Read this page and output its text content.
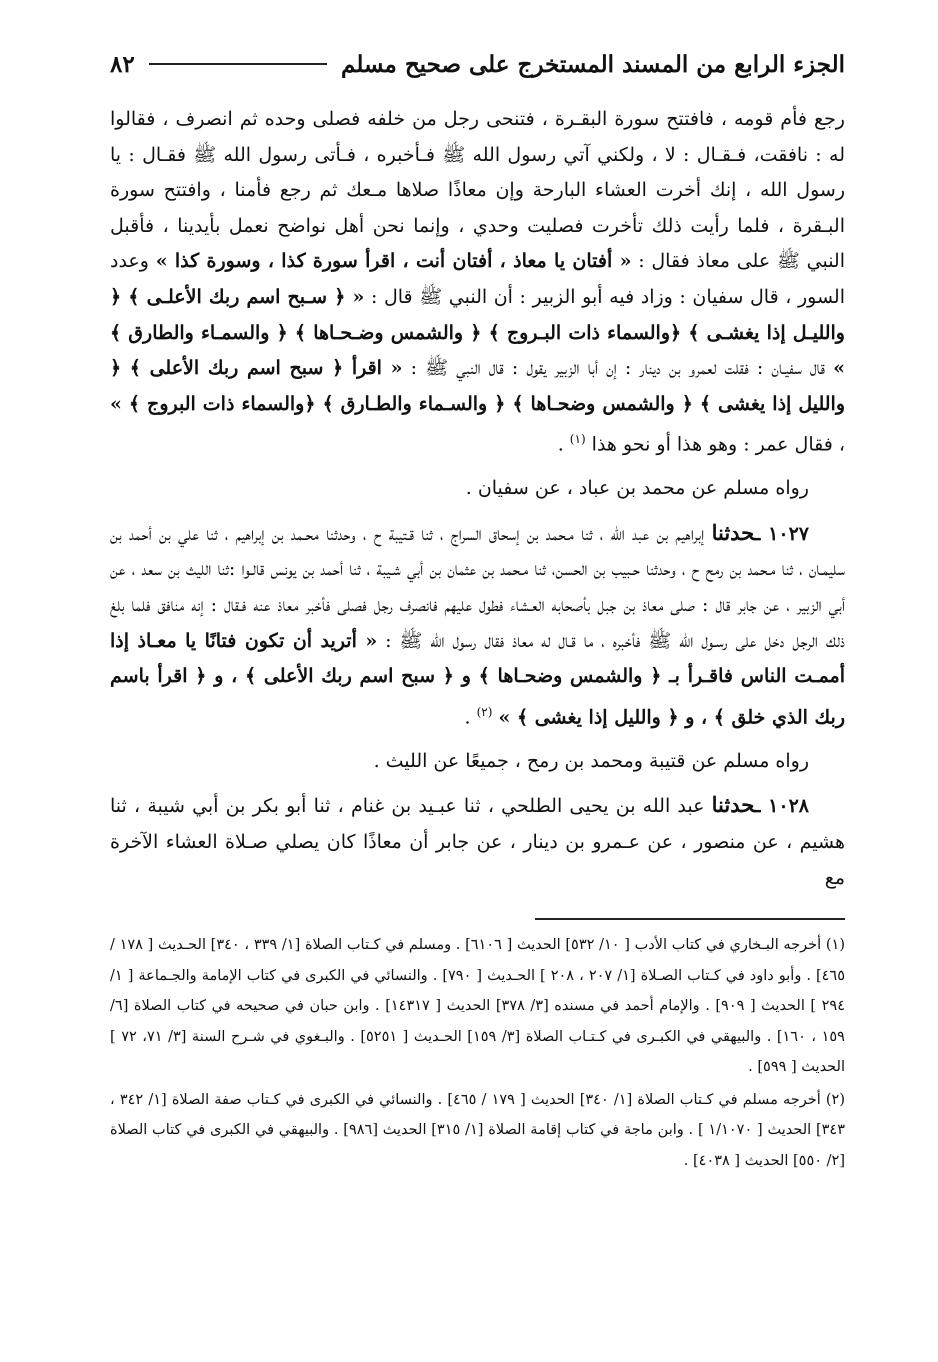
الجزء الرابع من المسند المستخرج على صحيح مسلم
٨٢

رجع فأم قومه ، فافتتح سورة البقـرة ، فتنحى رجل من خلفه فصلى وحده ثم انصرف ، فقالوا له : نافقت، فـقـال : لا ، ولكني آتي رسول الله ﷺ فـأخبره ، فـأتى رسول الله ﷺ فقـال : يا رسول الله ، إنك أخرت العشاء البارحة وإن معاذًا صلاها مـعك ثم رجع فأمنا ، وافتتح سورة البـقرة ، فلما رأيت ذلك تأخرت فصليت وحدي ، وإنما نحن أهل نواضح نعمل بأيدينا ، فأقبل النبي ﷺ على معاذ فقال : « أفتان يا معاذ ، أفتان أنت ، اقرأ سورة كذا ، وسورة كذا » وعدد السور ، قال سفيان : وزاد فيه أبو الزبير : أن النبي ﷺ قال : « ﴿ سـبح اسم ربك الأعلـى ﴾ ﴿ والليـل إذا يغشـى ﴾ ﴿والسماء ذات البـروج ﴾ ﴿ والشمس وضـحـاها ﴾ ﴿ والسمـاء والطارق ﴾ » قال سفيـان : فقلت لعمرو بن دينار : إن أبا الزبير يقول : قال النبي ﷺ : « اقرأ ﴿ سبح اسم ربك الأعلى ﴾ ﴿ والليل إذا يغشى ﴾ ﴿ والشمس وضحـاها ﴾ ﴿ والسـماء والطـارق ﴾ ﴿والسماء ذات البروج ﴾ » ، فقال عمر : وهو هذا أو نحو هذا $^{(١)}$ .

رواه مسلم عن محمد بن عباد ، عن سفيان .

١٠٢٧ ـحدثنا إبراهيم بن عبد الله ، ثنا مـحمد بن إسحاق السراج ، ثنا قـتيبة ح ، وحدثنا محـمد بن إبراهيم ، ثنا علي بن أحمد بن سليمـان ، ثنا مـحمد بن رمح ح ، وحدثنا حـبيب بن الحسن، ثنا مـحمد بن عثمان بن أبي شـيبة ، ثنا أحمد بن يونس قالـوا :ثنا الليث بن سعد ، عن أبي الزبير ، عن جابر قال : صلى معاذ بن جبل بأصحابه العـشاء فطول عليهم فانصرف رجل فصلى فأخبر معاذ عنه فـقال : إنه منافق فلما بلغ ذلك الرجل دخل على رسـول الله ﷺ فأخبره ، ما قـال له معاذ فقال رسول الله ﷺ : « أتريد أن تكون فتانًا يا معـاذ إذا أممـت الناس فاقـرأ بـ ﴿ والشمس وضحـاها ﴾ و ﴿ سبح اسم ربك الأعلى ﴾ ، و ﴿ اقرأ باسم ربك الذي خلق ﴾ ، و ﴿ والليل إذا يغشى ﴾ » $^{(٢)}$ .

رواه مسلم عن قتيبة ومحمد بن رمح ، جميعًا عن الليث .

١٠٢٨ ـحدثنا عبد الله بن يحيى الطلحي ، ثنا عبـيد بن غنام ، ثنا أبو بكر بن أبي شيبة ، ثنا هشيم ، عن منصور ، عن عـمرو بن دينار ، عن جابر أن معاذًا كان يصلي صـلاة العشاء الآخرة مع

(١) أخرجه البـخاري في كتاب الأدب [ ١٠/ ٥٣٢] الحديث [ ٦١٠٦] . ومسلم في كـتاب الصلاة [١/ ٣٣٩ ، ٣٤٠] الحـديث [ ١٧٨ / ٤٦٥] . وأبو داود في كـتاب الصـلاة [١/ ٢٠٧ ، ٢٠٨ ] الحـديث [ ٧٩٠] . والنسائي في الكبرى في كتاب الإمامة والجـماعة [ ١/ ٢٩٤ ] الحديث [ ٩٠٩] . والإمام أحمد في مسنده [٣/ ٣٧٨] الحديث [ ١٤٣١٧] . وابن حبان في صحيحه في كتاب الصلاة [٦/ ١٥٩ ، ١٦٠] . والبيهقي في الكبـرى في كـتـاب الصلاة [٣/ ١٥٩] الحـديث [ ٥٢٥١] . والبـغوي في شـرح السنة [٣/ ٧١، ٧٢ ] الحديث [ ٥٩٩] .

(٢) أخرجه مسلم في كـتاب الصلاة [١/ ٣٤٠] الحديث [ ١٧٩ / ٤٦٥] . والنسائي في الكبرى في كـتاب صفة الصلاة [١/ ٣٤٢ ، ٣٤٣] الحديث [ ١/١٠٧٠ ] . وابن ماجة في كتاب إقامة الصلاة [١/ ٣١٥] الحديث [٩٨٦] . والبيهقي في الكبرى في كتاب الصلاة [٢/ ٥٥٠] الحديث [ ٤٠٣٨] .
